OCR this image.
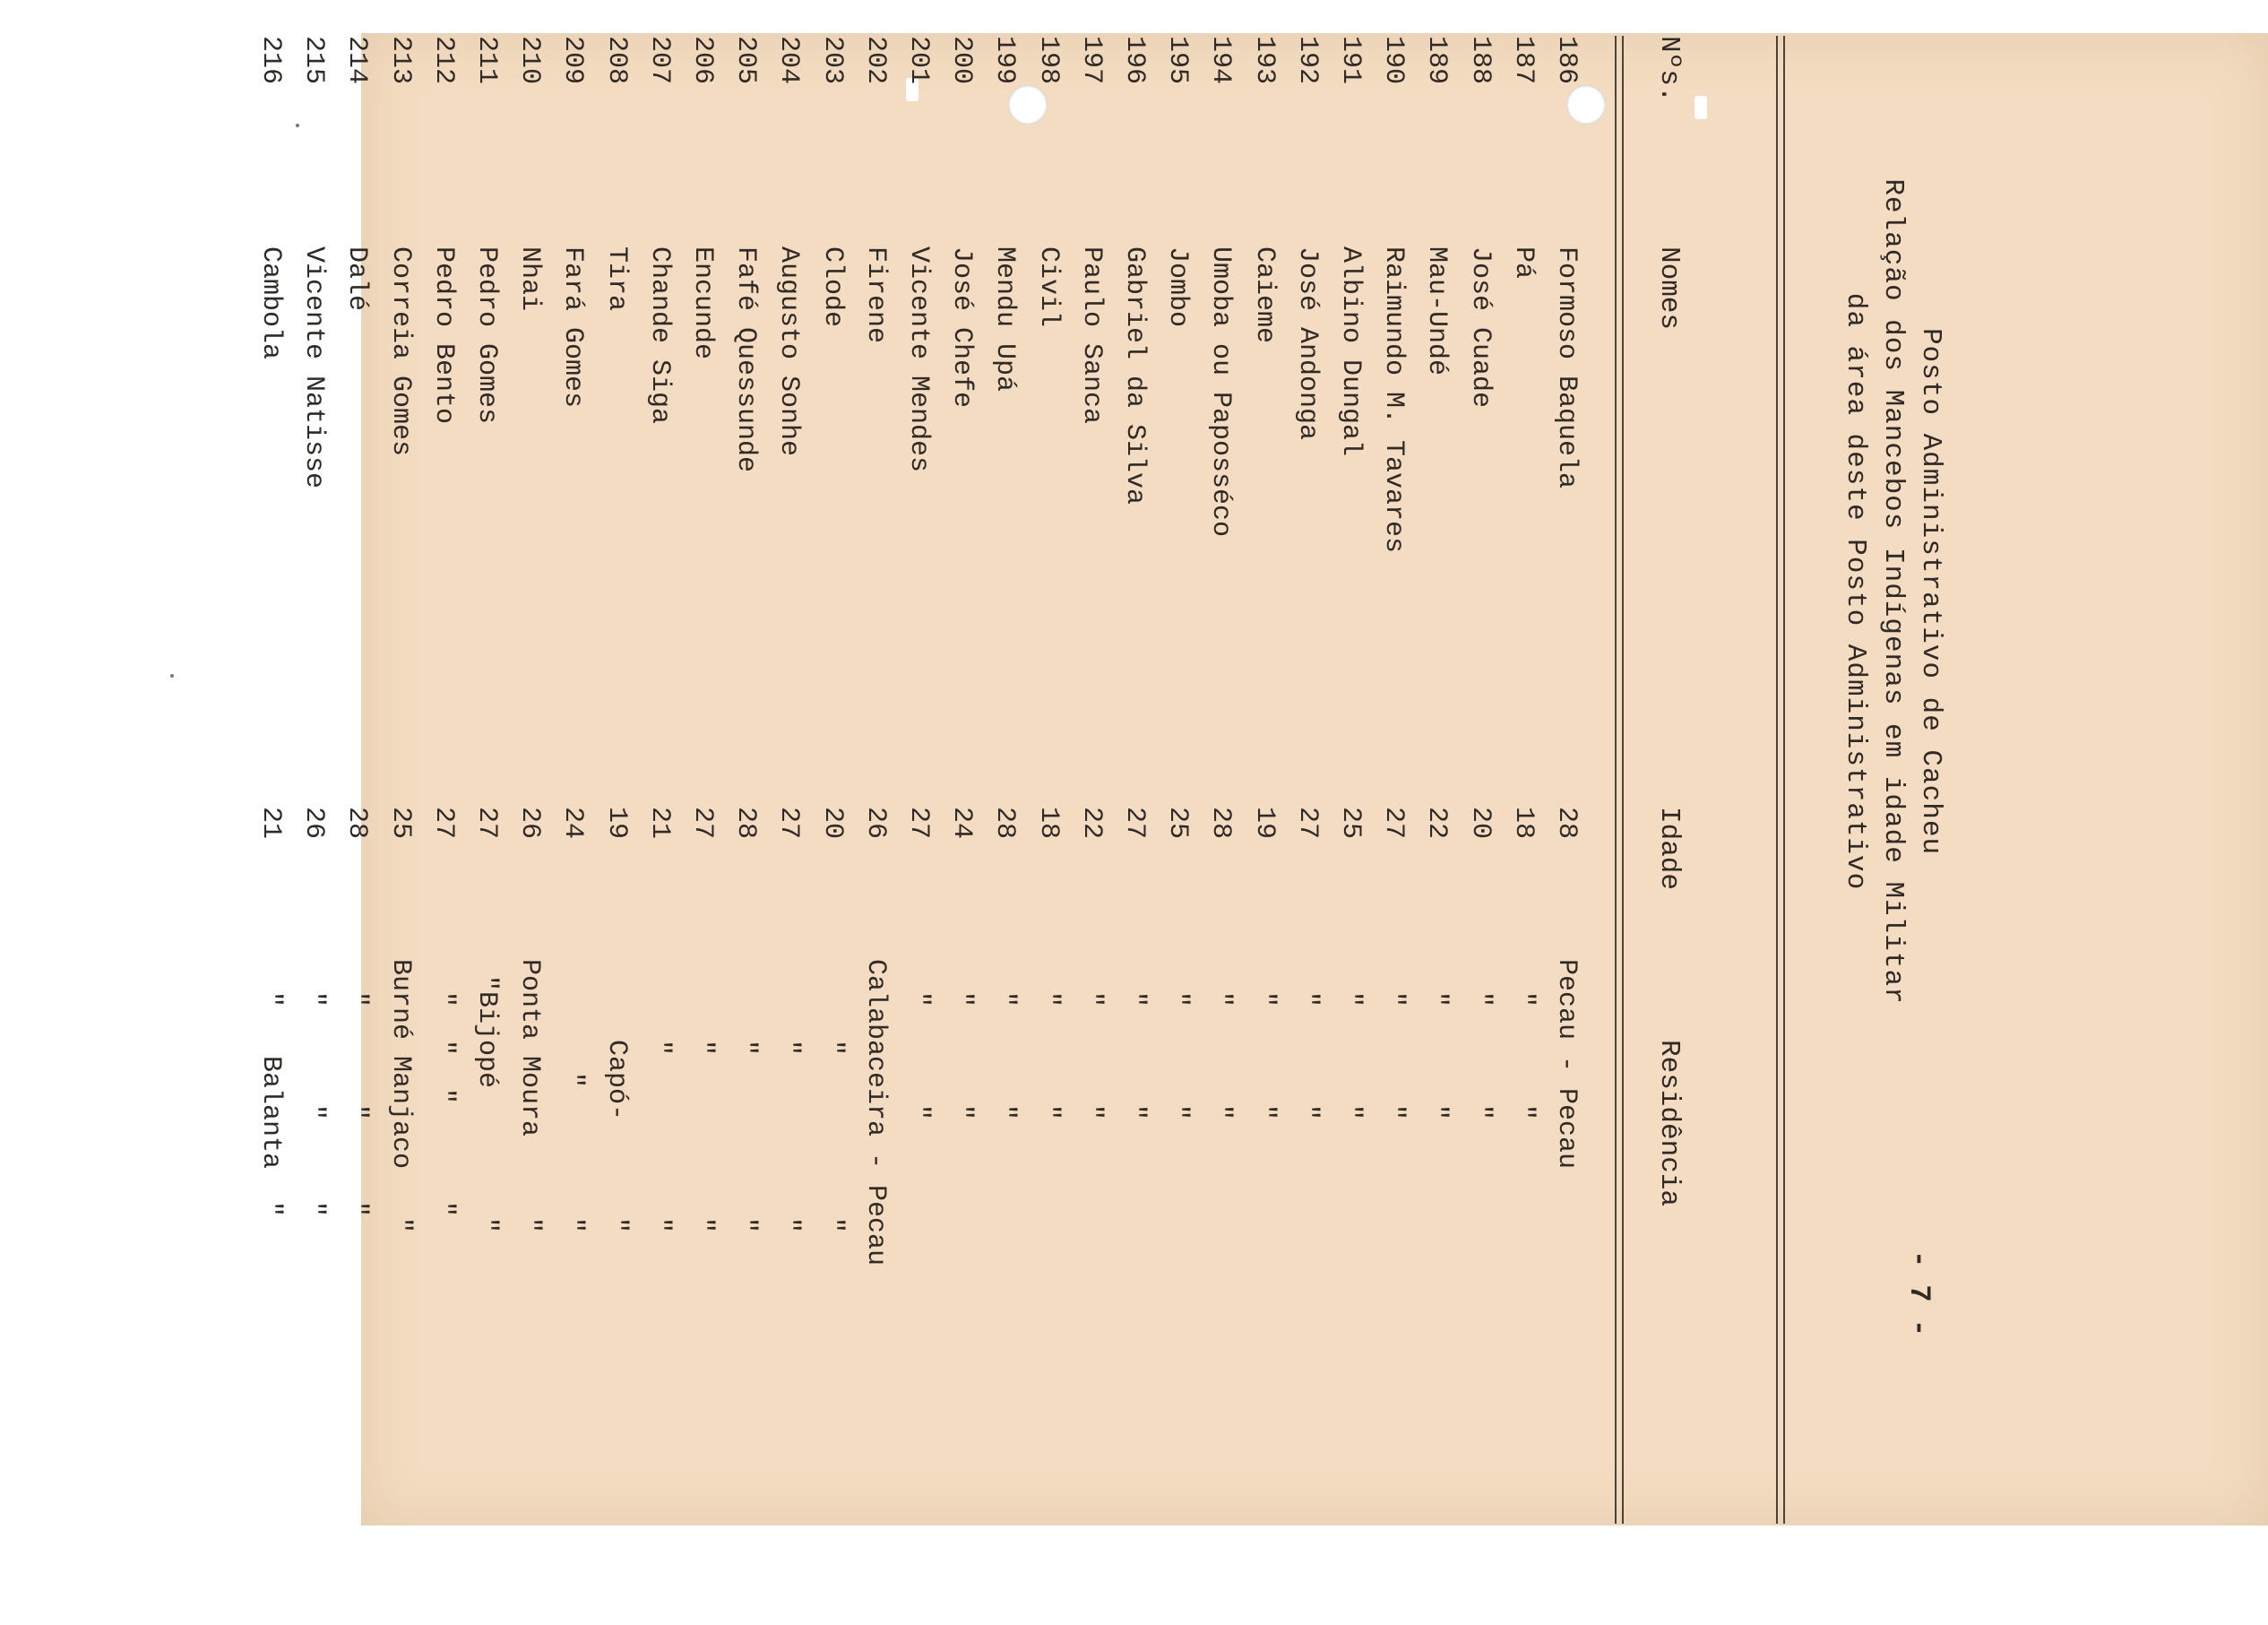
- 7 -
Posto Administrativo de Cacheu
Relação dos Mancebos Indígenas em idade Militar
da área deste Posto Administrativo
Nºs.
Nomes
Idade
Residência
186
Formoso Baquela
28
Pecau - Pecau
187
Pá
18
"      "
188
José Cuade
20
"      "
189
Mau-Undé
22
"      "
190
Raimundo M. Tavares
27
"      "
191
Albino Dungal
25
"      "
192
José Andonga
27
"      "
193
Caieme
19
"      "
194
Umoba ou Paposséco
28
"      "
195
Jombo
25
"      "
196
Gabriel da Silva
27
"      "
197
Paulo Sanca
22
"      "
198
Civil
18
"      "
199
Mendu Upá
28
"      "
200
José Chefe
24
"      "
201
Vicente Mendes
27
"      "
202
Firene
26
Calabaceira - Pecau
203
Clode
20
"          "
204
Augusto Sonhe
27
"          "
205
Fafé Quessunde
28
"          "
206
Encunde
27
"          "
207
Chande Siga
21
"          "
208
Tira
19
Capó-      "
209
Fará Gomes
24
"        "
210
Nhai
26
Ponta Moura     "
211
Pedro Gomes
27
"Bijopé        "
212
Pedro Bento
27
"  "  "      "
213
Correia Gomes
25
Burné Manjaco   "
214
Dalé
28
"      "     "
215
Vicente Natisse
26
"      "     "
216
Cambola
21
"   Balanta  "
